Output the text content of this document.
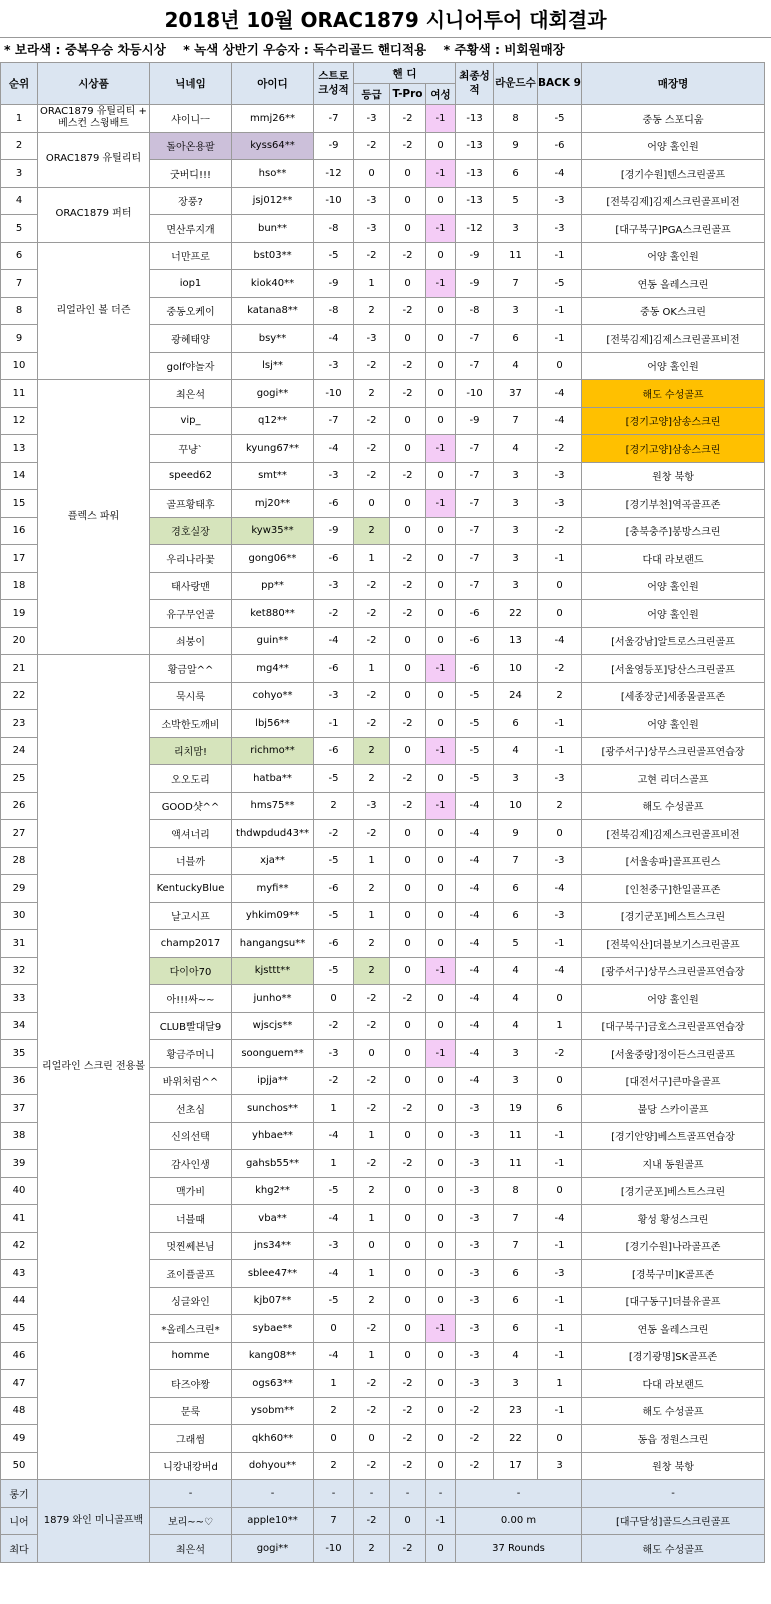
2018년 10월 ORAC1879 시니어투어 대회결과
* 보라색 : 중복우승 차등시상 * 녹색 상반기 우승자 : 독수리골드 핸디적용 * 주황색 : 비회원매장
순위	시상품	닉네임	아이디	스트로크성적	핸 디			최종성적	라운드수	BACK 9	매장명
					등급	T-Pro	여성				
1	ORAC1879 유틸리티 + 베스컨 스윙배트	샤이니ㅡ	mmj26**	-7	-3	-2	-1	-13	8	-5	중동 스포디움
2	ORAC1879 유틸리티	돌아온용팔	kyss64**	-9	-2	-2	0	-13	9	-6	어양 홀인원
3		굿버디!!!	hso**	-12	0	0	-1	-13	6	-4	[경기수원]텐스크린골프
4	ORAC1879 퍼터	장풍?	jsj012**	-10	-3	0	0	-13	5	-3	[전북김제]김제스크린골프비전
5		면산루지개	bun**	-8	-3	0	-1	-12	3	-3	[대구북구]PGA스크린골프
6	리얼라인 볼 더즌	너만프로	bst03**	-5	-2	-2	0	-9	11	-1	어양 홀인원
7		iop1	kiok40**	-9	1	0	-1	-9	7	-5	연동 올레스크린
8		중동오케이	katana8**	-8	2	-2	0	-8	3	-1	중동 OK스크린
9		광혜태양	bsy**	-4	-3	0	0	-7	6	-1	[전북김제]김제스크린골프비전
10		golf야놀자	lsj**	-3	-2	-2	0	-7	4	0	어양 홀인원
11	플렉스 파워	최은석	gogi**	-10	2	-2	0	-10	37	-4	해도 수성골프
12		vip_	q12**	-7	-2	0	0	-9	7	-4	[경기고양]삼송스크린
13		꾸냥`	kyung67**	-4	-2	0	-1	-7	4	-2	[경기고양]삼송스크린
14		speed62	smt**	-3	-2	-2	0	-7	3	-3	원창 북항
15		골프황태후	mj20**	-6	0	0	-1	-7	3	-3	[경기부천]역곡골프존
16		경호실장	kyw35**	-9	2	0	0	-7	3	-2	[충북충주]봉방스크린
17		우리나라꽃	gong06**	-6	1	-2	0	-7	3	-1	다대 라보랜드
18		태사랑맨	pp**	-3	-2	-2	0	-7	3	0	어양 홀인원
19		유구무언골	ket880**	-2	-2	-2	0	-6	22	0	어양 홀인원
20		쇠붕이	guin**	-4	-2	0	0	-6	13	-4	[서울강남]알트로스크린골프
21	리얼라인 스크린 전용볼	황금알^^	mg4**	-6	1	0	-1	-6	10	-2	[서울영등포]당산스크린골프
22		묵시룩	cohyo**	-3	-2	0	0	-5	24	2	[세종장군]세종몰골프존
23		소박한도깨비	lbj56**	-1	-2	-2	0	-5	6	-1	어양 홀인원
24		리치맘!	richmo**	-6	2	0	-1	-5	4	-1	[광주서구]상무스크린골프연습장
25		오오도리	hatba**	-5	2	-2	0	-5	3	-3	고현 리더스골프
26		GOOD샷^^	hms75**	2	-3	-2	-1	-4	10	2	해도 수성골프
27		액셔너리	thdwpdud43**	-2	-2	0	0	-4	9	0	[전북김제]김제스크린골프비전
28		너블까	xja**	-5	1	0	0	-4	7	-3	[서울송파]골프프린스
29		KentuckyBlue	myfi**	-6	2	0	0	-4	6	-4	[인천중구]한일골프존
30		날고시프	yhkim09**	-5	1	0	0	-4	6	-3	[경기군포]베스트스크린
31		champ2017	hangangsu**	-6	2	0	0	-4	5	-1	[전북익산]더블보기스크린골프
32		다이아70	kjsttt**	-5	2	0	-1	-4	4	-4	[광주서구]상무스크린골프연습장
33		아!!!싸~~	junho**	0	-2	-2	0	-4	4	0	어양 홀인원
34		CLUB빨대달9	wjscjs**	-2	-2	0	0	-4	4	1	[대구북구]금호스크린골프연습장
35		황금주머니	soonguem**	-3	0	0	-1	-4	3	-2	[서울중랑]정이든스크린골프
36		바위처럼^^	ipjja**	-2	-2	0	0	-4	3	0	[대전서구]큰마을골프
37		선초심	sunchos**	1	-2	-2	0	-3	19	6	불당 스카이골프
38		신의선택	yhbae**	-4	1	0	0	-3	11	-1	[경기안양]베스트골프연습장
39		감사인생	gahsb55**	1	-2	-2	0	-3	11	-1	지내 동원골프
40		맥가비	khg2**	-5	2	0	0	-3	8	0	[경기군포]베스트스크린
41		너블때	vba**	-4	1	0	0	-3	7	-4	황성 황성스크린
42		멋찐쎄븐님	jns34**	-3	0	0	0	-3	7	-1	[경기수원]나라골프존
43		죠이플골프	sblee47**	-4	1	0	0	-3	6	-3	[경북구미]K골프존
44		싱글와인	kjb07**	-5	2	0	0	-3	6	-1	[대구동구]더블유골프
45		*올레스크린*	sybae**	0	-2	0	-1	-3	6	-1	연동 올레스크린
46		homme	kang08**	-4	1	0	0	-3	4	-1	[경기광명]SK골프존
47		타즈야짱	ogs63**	1	-2	-2	0	-3	3	1	다대 라보랜드
48		문룩	ysobm**	2	-2	-2	0	-2	23	-1	해도 수성골프
49		그래썸	qkh60**	0	0	-2	0	-2	22	0	동읍 정원스크린
50		니캉내캉버d	dohyou**	2	-2	-2	0	-2	17	3	원창 북항
롱기	1879 와인 미니골프백	-	-	-	-	-	-	-			-
니어		보리~~♡	apple10**	7	-2	0	-1	0.00 m			[대구달성]골드스크린골프
최다		최은석	gogi**	-10	2	-2	0	37 Rounds			해도 수성골프
